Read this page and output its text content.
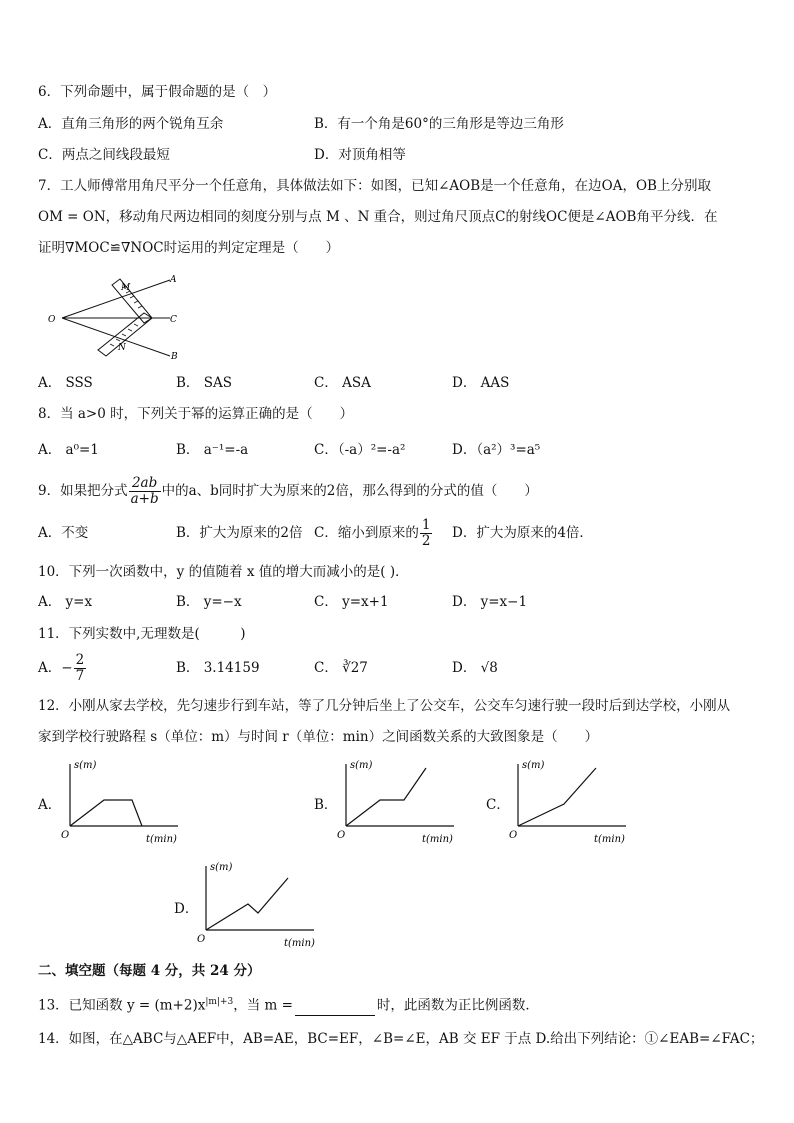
6．下列命题中，属于假命题的是（　）
A．直角三角形的两个锐角互余	B．有一个角是60°的三角形是等边三角形
C．两点之间线段最短	D．对顶角相等
7．工人师傅常用角尺平分一个任意角，具体做法如下：如图，已知∠AOB是一个任意角，在边OA，OB上分别取
OM = ON，移动角尺两边相同的刻度分别与点 M 、N 重合，则过角尺顶点C的射线OC便是∠AOB角平分线．在
证明∇MOC≌∇NOC时运用的判定定理是（　　）
A
M
O	C
N
B
A． SSS	B． SAS	C． ASA	D． AAS
8．当 a>0 时，下列关于幂的运算正确的是（　　）
A． a⁰=1	B． a⁻¹=-a	C．（-a）²=-a²	D．（a²）³=a⁵
9．如果把分式 $\frac{2ab}{a+b}$ 中的a、b同时扩大为原来的2倍，那么得到的分式的值（　　）
A．不变	B．扩大为原来的2倍 C．缩小到原来的 $\frac{1}{2}$ D．扩大为原来的4倍．
10．下列一次函数中，y 的值随着 x 值的增大而减小的是( )．
A． y=x	B． y=−x	C． y=x+1	D． y=x−1
11．下列实数中,无理数是(　　　)
A．− $\frac{2}{7}$	B． 3.14159	C． ∛27	D． √8
12．小刚从家去学校，先匀速步行到车站，等了几分钟后坐上了公交车，公交车匀速行驶一段时后到达学校，小刚从
家到学校行驶路程 s（单位：m）与时间 r（单位：min）之间函数关系的大致图象是（　　）
A．
s(m)
t(min)
O
B．
s(m)
t(min)
O
C．
s(m)
t(min)
O
D．
s(m)
t(min)
O
二、填空题（每题 4 分，共 24 分）
13．已知函数 $y = (m+2)x^{|m|+3}$，当 m =	时，此函数为正比例函数．
14．如图，在△ABC与△AEF中，AB=AE，BC=EF，∠B=∠E，AB 交 EF 于点 D.给出下列结论：①∠EAB=∠FAC；
